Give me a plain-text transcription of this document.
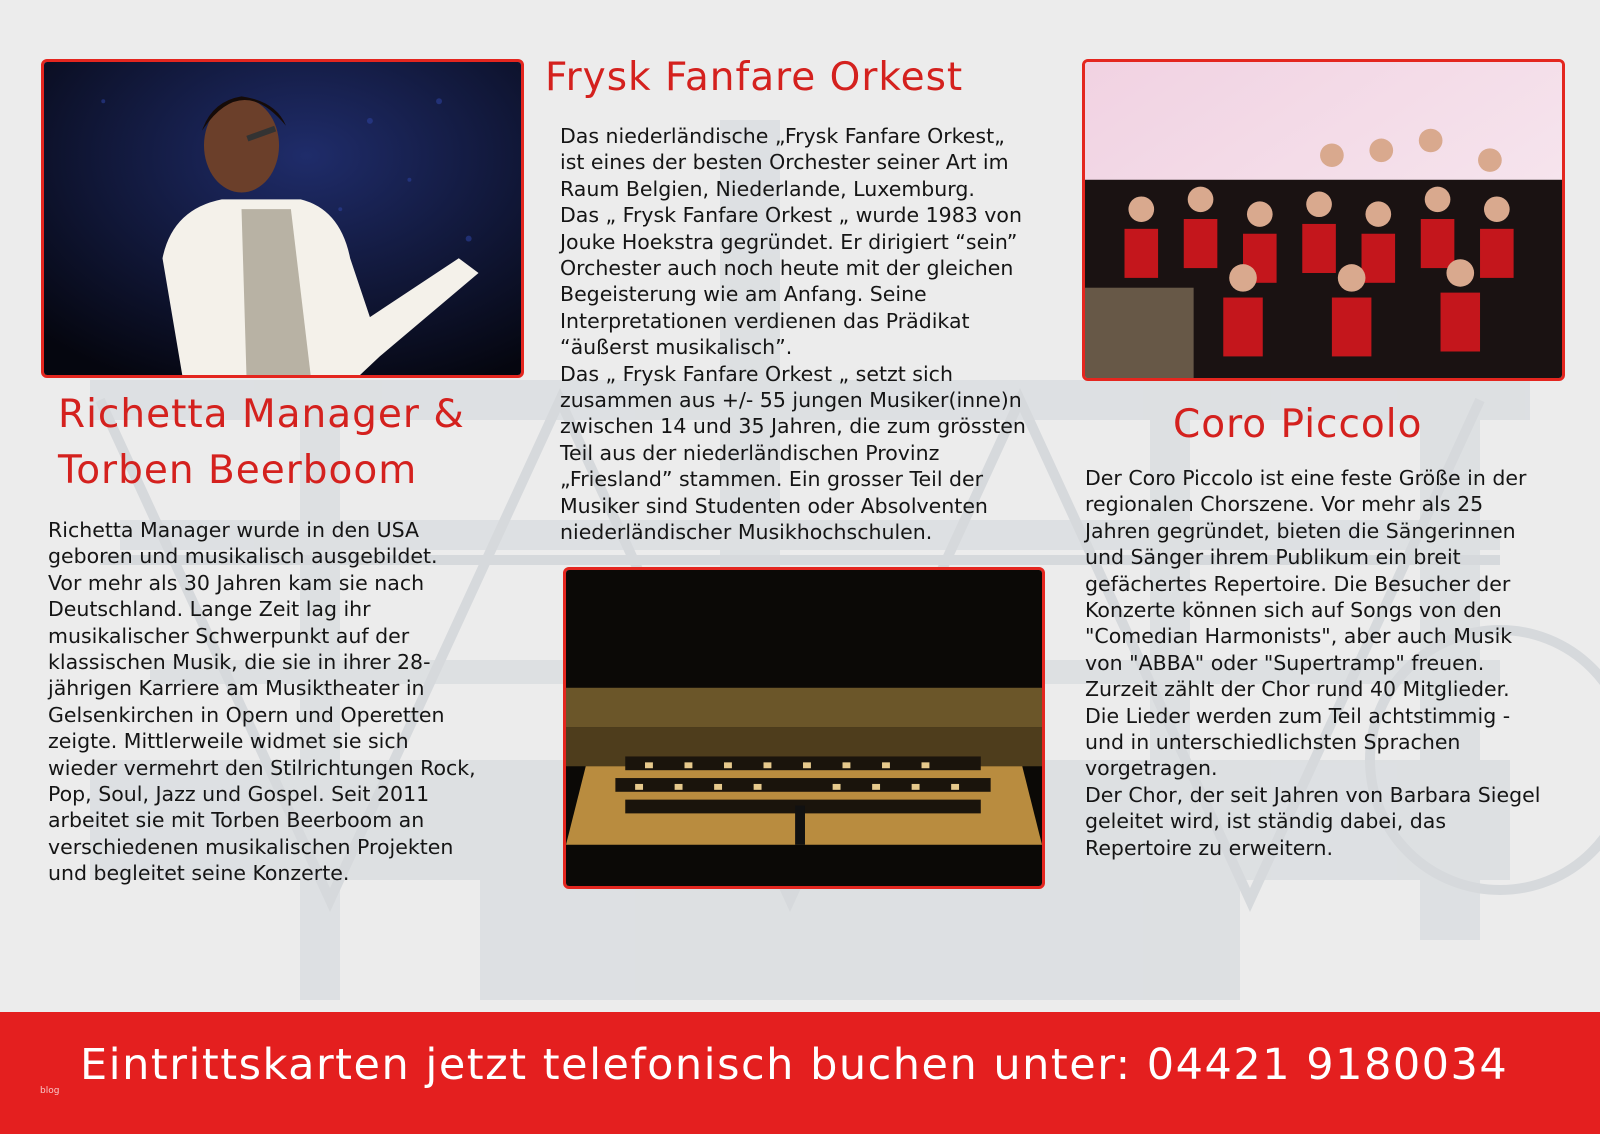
Richetta Manager &
Torben Beerboom
Frysk Fanfare Orkest
Coro Piccolo
Richetta Manager wurde in den USA
geboren und musikalisch ausgebildet.
Vor mehr als 30 Jahren kam sie nach
Deutschland. Lange Zeit lag ihr
musikalischer Schwerpunkt auf der
klassischen Musik, die sie in ihrer 28-
jährigen Karriere am Musiktheater in
Gelsenkirchen in Opern und Operetten
zeigte. Mittlerweile widmet sie sich
wieder vermehrt den Stilrichtungen Rock,
Pop, Soul, Jazz und Gospel. Seit 2011
arbeitet sie mit Torben Beerboom an
verschiedenen musikalischen Projekten
und begleitet seine Konzerte.
Das niederländische „Frysk Fanfare Orkest„
ist eines der besten Orchester seiner Art im
Raum Belgien, Niederlande, Luxemburg.
Das „ Frysk Fanfare Orkest „ wurde 1983 von
Jouke Hoekstra gegründet. Er dirigiert “sein”
Orchester auch noch heute mit der gleichen
Begeisterung wie am Anfang. Seine
Interpretationen verdienen das Prädikat
“äußerst musikalisch”.
Das „ Frysk Fanfare Orkest „ setzt sich
zusammen aus +/- 55 jungen Musiker(inne)n
zwischen 14 und 35 Jahren, die zum grössten
Teil aus der niederländischen Provinz
„Friesland” stammen. Ein grosser Teil der
Musiker sind Studenten oder Absolventen
niederländischer Musikhochschulen.
Der Coro Piccolo ist eine feste Größe in der
regionalen Chorszene. Vor mehr als 25
Jahren gegründet, bieten die Sängerinnen
und Sänger ihrem Publikum ein breit
gefächertes Repertoire. Die Besucher der
Konzerte können sich auf Songs von den
"Comedian Harmonists", aber auch Musik
von "ABBA" oder "Supertramp" freuen.
Zurzeit zählt der Chor rund 40 Mitglieder.
Die Lieder werden zum Teil achtstimmig -
und in unterschiedlichsten Sprachen
vorgetragen.
Der Chor, der seit Jahren von Barbara Siegel
geleitet wird, ist ständig dabei, das
Repertoire zu erweitern.
Eintrittskarten jetzt telefonisch buchen unter: 04421 9180034
blog
